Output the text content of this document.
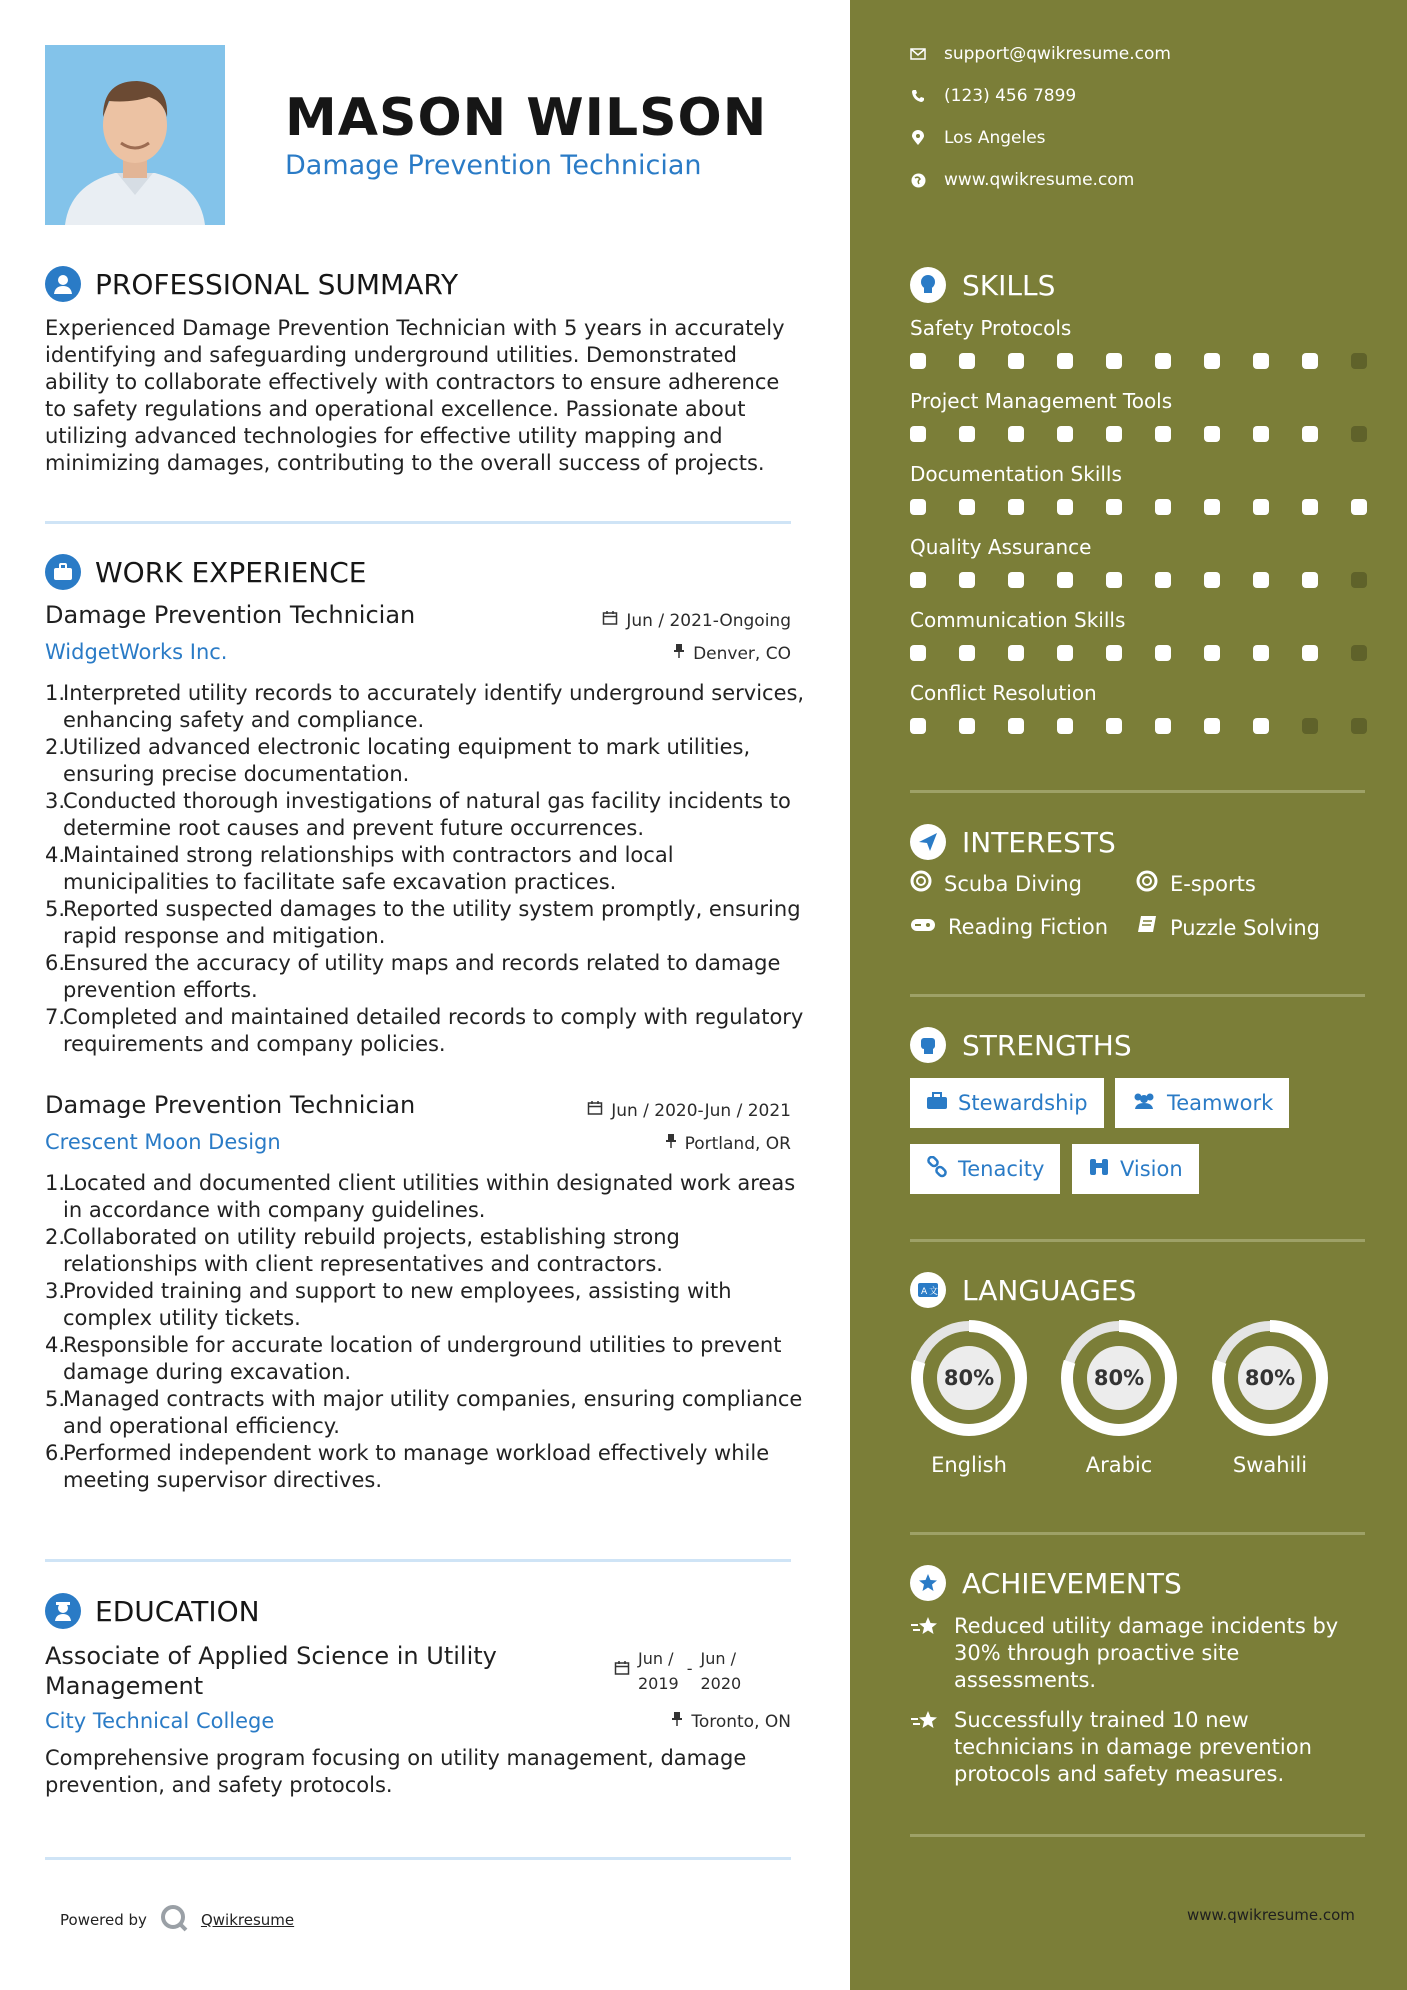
MASON WILSON
Damage Prevention Technician
PROFESSIONAL SUMMARY
Experienced Damage Prevention Technician with 5 years in accurately identifying and safeguarding underground utilities. Demonstrated ability to collaborate effectively with contractors to ensure adherence to safety regulations and operational excellence. Passionate about utilizing advanced technologies for effective utility mapping and minimizing damages, contributing to the overall success of projects.
WORK EXPERIENCE
Damage Prevention Technician	Jun / 2021-Ongoing
WidgetWorks Inc.	Denver, CO
1.
Interpreted utility records to accurately identify underground services, enhancing safety and compliance.
2.
Utilized advanced electronic locating equipment to mark utilities, ensuring precise documentation.
3.
Conducted thorough investigations of natural gas facility incidents to determine root causes and prevent future occurrences.
4.
Maintained strong relationships with contractors and local municipalities to facilitate safe excavation practices.
5.
Reported suspected damages to the utility system promptly, ensuring rapid response and mitigation.
6.
Ensured the accuracy of utility maps and records related to damage prevention efforts.
7.
Completed and maintained detailed records to comply with regulatory requirements and company policies.
Damage Prevention Technician	Jun / 2020-Jun / 2021
Crescent Moon Design	Portland, OR
1.
Located and documented client utilities within designated work areas in accordance with company guidelines.
2.
Collaborated on utility rebuild projects, establishing strong relationships with client representatives and contractors.
3.
Provided training and support to new employees, assisting with complex utility tickets.
4.
Responsible for accurate location of underground utilities to prevent damage during excavation.
5.
Managed contracts with major utility companies, ensuring compliance and operational efficiency.
6.
Performed independent work to manage workload effectively while meeting supervisor directives.
EDUCATION
Associate of Applied Science in Utility
Management
Jun /
2019
-
Jun /
2020
City Technical College	Toronto, ON
Comprehensive program focusing on utility management, damage prevention, and safety protocols.
Powered by	Qwikresume
support@qwikresume.com
(123) 456 7899
Los Angeles
www.qwikresume.com
SKILLS
Safety Protocols
Project Management Tools
Documentation Skills
Quality Assurance
Communication Skills
Conflict Resolution
INTERESTS
Scuba Diving	E-sports
Reading Fiction	Puzzle Solving
STRENGTHS
Stewardship	Teamwork
Tenacity	Vision
A 文 LANGUAGES
80%
English
80%
Arabic
80%
Swahili
ACHIEVEMENTS
Reduced utility damage incidents by 30% through proactive site assessments.
Successfully trained 10 new technicians in damage prevention protocols and safety measures.
www.qwikresume.com
